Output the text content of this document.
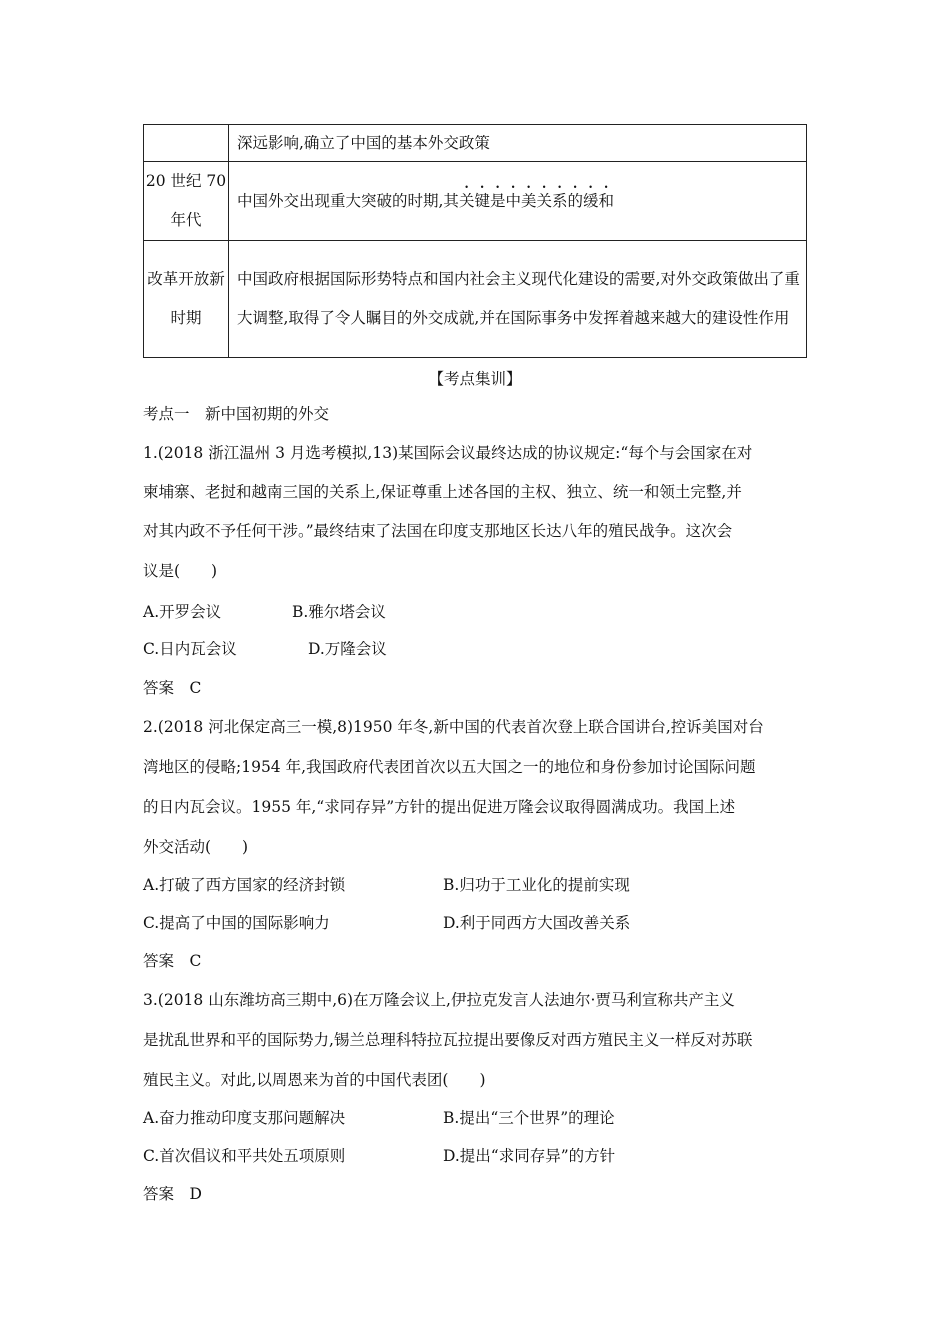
	深远影响,确立了中国的基本外交政策

20 世纪 70
年代	中国外交出现重大突破的时期,其关键是中美关系的缓和

改革开放新
时期	中国政府根据国际形势特点和国内社会主义现代化建设的需要,对外交政策做出了重大调整,取得了令人瞩目的外交成就,并在国际事务中发挥着越来越大的建设性作用
【考点集训】
考点一　新中国初期的外交
1.(2018 浙江温州 3 月选考模拟,13)某国际会议最终达成的协议规定:“每个与会国家在对
柬埔寨、老挝和越南三国的关系上,保证尊重上述各国的主权、独立、统一和领土完整,并
对其内政不予任何干涉。”最终结束了法国在印度支那地区长达八年的殖民战争。这次会
议是(　　)
A.开罗会议	B.雅尔塔会议
C.日内瓦会议	D.万隆会议
答案　C
2.(2018 河北保定高三一模,8)1950 年冬,新中国的代表首次登上联合国讲台,控诉美国对台
湾地区的侵略;1954 年,我国政府代表团首次以五大国之一的地位和身份参加讨论国际问题
的日内瓦会议。1955 年,“求同存异”方针的提出促进万隆会议取得圆满成功。我国上述
外交活动(　　)
A.打破了西方国家的经济封锁	B.归功于工业化的提前实现
C.提高了中国的国际影响力	D.利于同西方大国改善关系
答案　C
3.(2018 山东潍坊高三期中,6)在万隆会议上,伊拉克发言人法迪尔·贾马利宣称共产主义
是扰乱世界和平的国际势力,锡兰总理科特拉瓦拉提出要像反对西方殖民主义一样反对苏联
殖民主义。对此,以周恩来为首的中国代表团(　　)
A.奋力推动印度支那问题解决	B.提出“三个世界”的理论
C.首次倡议和平共处五项原则	D.提出“求同存异”的方针
答案　D
